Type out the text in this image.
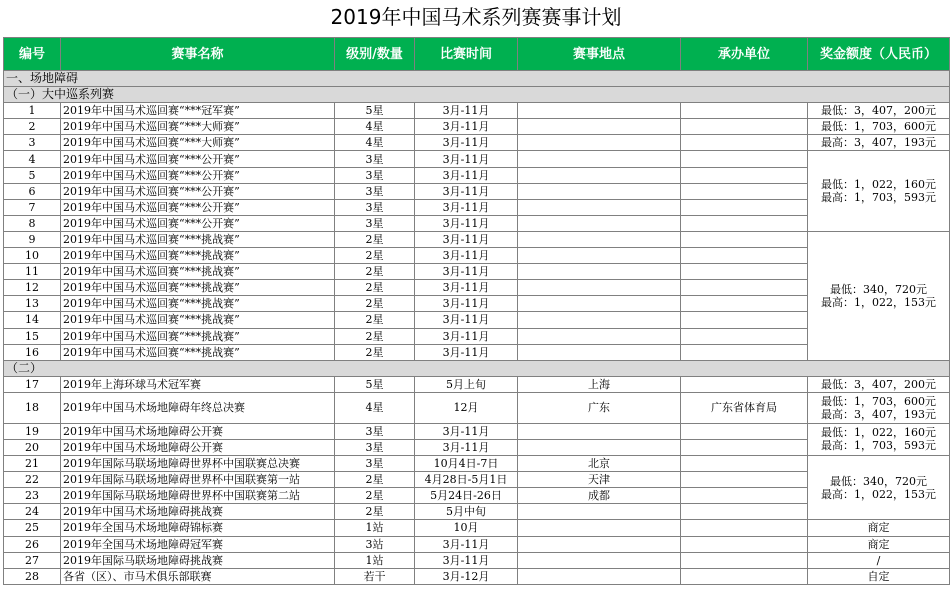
2019年中国马术系列赛赛事计划
编号	赛事名称	级别/数量	比赛时间	赛事地点	承办单位	奖金额度（人民币）
一、场地障碍						
（一）大中巡系列赛						
1	2019年中国马术巡回赛“***冠军赛”	5星	3月-11月			最低：3，407，200元
2	2019年中国马术巡回赛“***大师赛”	4星	3月-11月			最低：1，703，600元
3	2019年中国马术巡回赛“***大师赛”	4星	3月-11月			最高：3，407，193元
4	2019年中国马术巡回赛“***公开赛”	3星	3月-11月			最低：1，022，160元
最高：1，703，593元

5	2019年中国马术巡回赛“***公开赛”	3星	3月-11月			
6	2019年中国马术巡回赛“***公开赛”	3星	3月-11月			
7	2019年中国马术巡回赛“***公开赛”	3星	3月-11月			
8	2019年中国马术巡回赛“***公开赛”	3星	3月-11月			
9	2019年中国马术巡回赛“***挑战赛”	2星	3月-11月			最低：340，720元
最高：1，022，153元

10	2019年中国马术巡回赛“***挑战赛”	2星	3月-11月			
11	2019年中国马术巡回赛“***挑战赛”	2星	3月-11月			
12	2019年中国马术巡回赛“***挑战赛”	2星	3月-11月			
13	2019年中国马术巡回赛“***挑战赛”	2星	3月-11月			
14	2019年中国马术巡回赛“***挑战赛”	2星	3月-11月			
15	2019年中国马术巡回赛“***挑战赛”	2星	3月-11月			
16	2019年中国马术巡回赛“***挑战赛”	2星	3月-11月			
（二）						
17	2019年上海环球马术冠军赛	5星	5月上旬	上海		最低：3，407，200元
18	2019年中国马术场地障碍年终总决赛	4星	12月	广东	广东省体育局	最低：1，703，600元
最高：3，407，193元

19	2019年中国马术场地障碍公开赛	3星	3月-11月			最低：1，022，160元
最高：1，703，593元

20	2019年中国马术场地障碍公开赛	3星	3月-11月			
21	2019年国际马联场地障碍世界杯中国联赛总决赛	3星	10月4日-7日	北京		最低：340，720元
最高：1，022，153元

22	2019年国际马联场地障碍世界杯中国联赛第一站	2星	4月28日-5月1日	天津		
23	2019年国际马联场地障碍世界杯中国联赛第二站	2星	5月24日-26日	成都		
24	2019年中国马术场地障碍挑战赛	2星	5月中旬			
25	2019年全国马术场地障碍锦标赛	1站	10月			商定
26	2019年全国马术场地障碍冠军赛	3站	3月-11月			商定
27	2019年国际马联场地障碍挑战赛	1站	3月-11月			/
28	各省（区）、市马术俱乐部联赛	若干	3月-12月			自定
